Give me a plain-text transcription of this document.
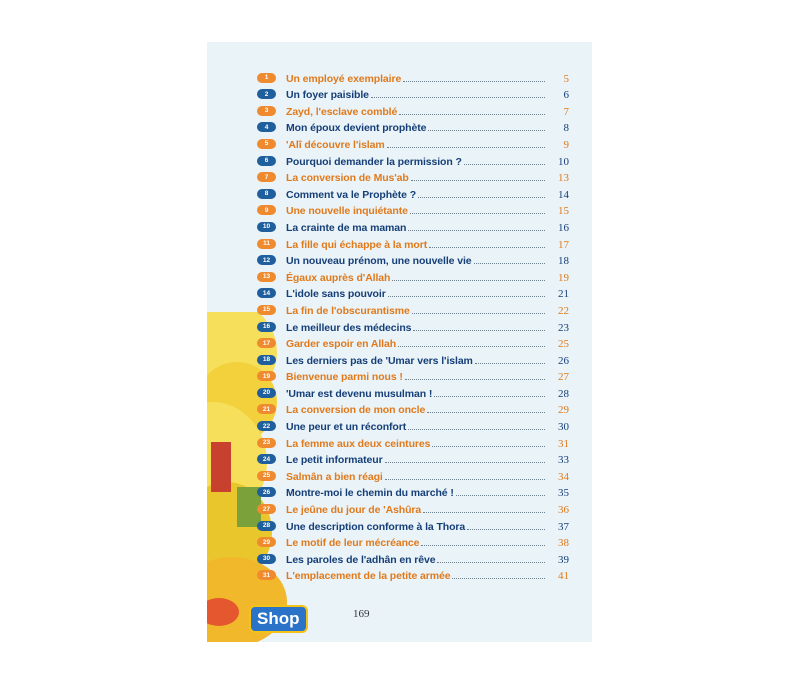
1	Un employé exemplaire	5
2	Un foyer paisible	6
3	Zayd, l'esclave comblé	7
4	Mon époux devient prophète	8
5	'Alî découvre l'islam	9
6	Pourquoi demander la permission ?	10
7	La conversion de Mus'ab	13
8	Comment va le Prophète ?	14
9	Une nouvelle inquiétante	15
10	La crainte de ma maman	16
11	La fille qui échappe à la mort	17
12	Un nouveau prénom, une nouvelle vie	18
13	Égaux auprès d'Allah	19
14	L'idole sans pouvoir	21
15	La fin de l'obscurantisme	22
16	Le meilleur des médecins	23
17	Garder espoir en Allah	25
18	Les derniers pas de 'Umar vers l'islam	26
19	Bienvenue parmi nous !	27
20	'Umar est devenu musulman !	28
21	La conversion de mon oncle	29
22	Une peur et un réconfort	30
23	La femme aux deux ceintures	31
24	Le petit informateur	33
25	Salmân a bien réagi	34
26	Montre-moi le chemin du marché !	35
27	Le jeûne du jour de 'Ashûra	36
28	Une description conforme à la Thora	37
29	Le motif de leur mécréance	38
30	Les paroles de l'adhân en rêve	39
31	L'emplacement de la petite armée	41
Shop	169
